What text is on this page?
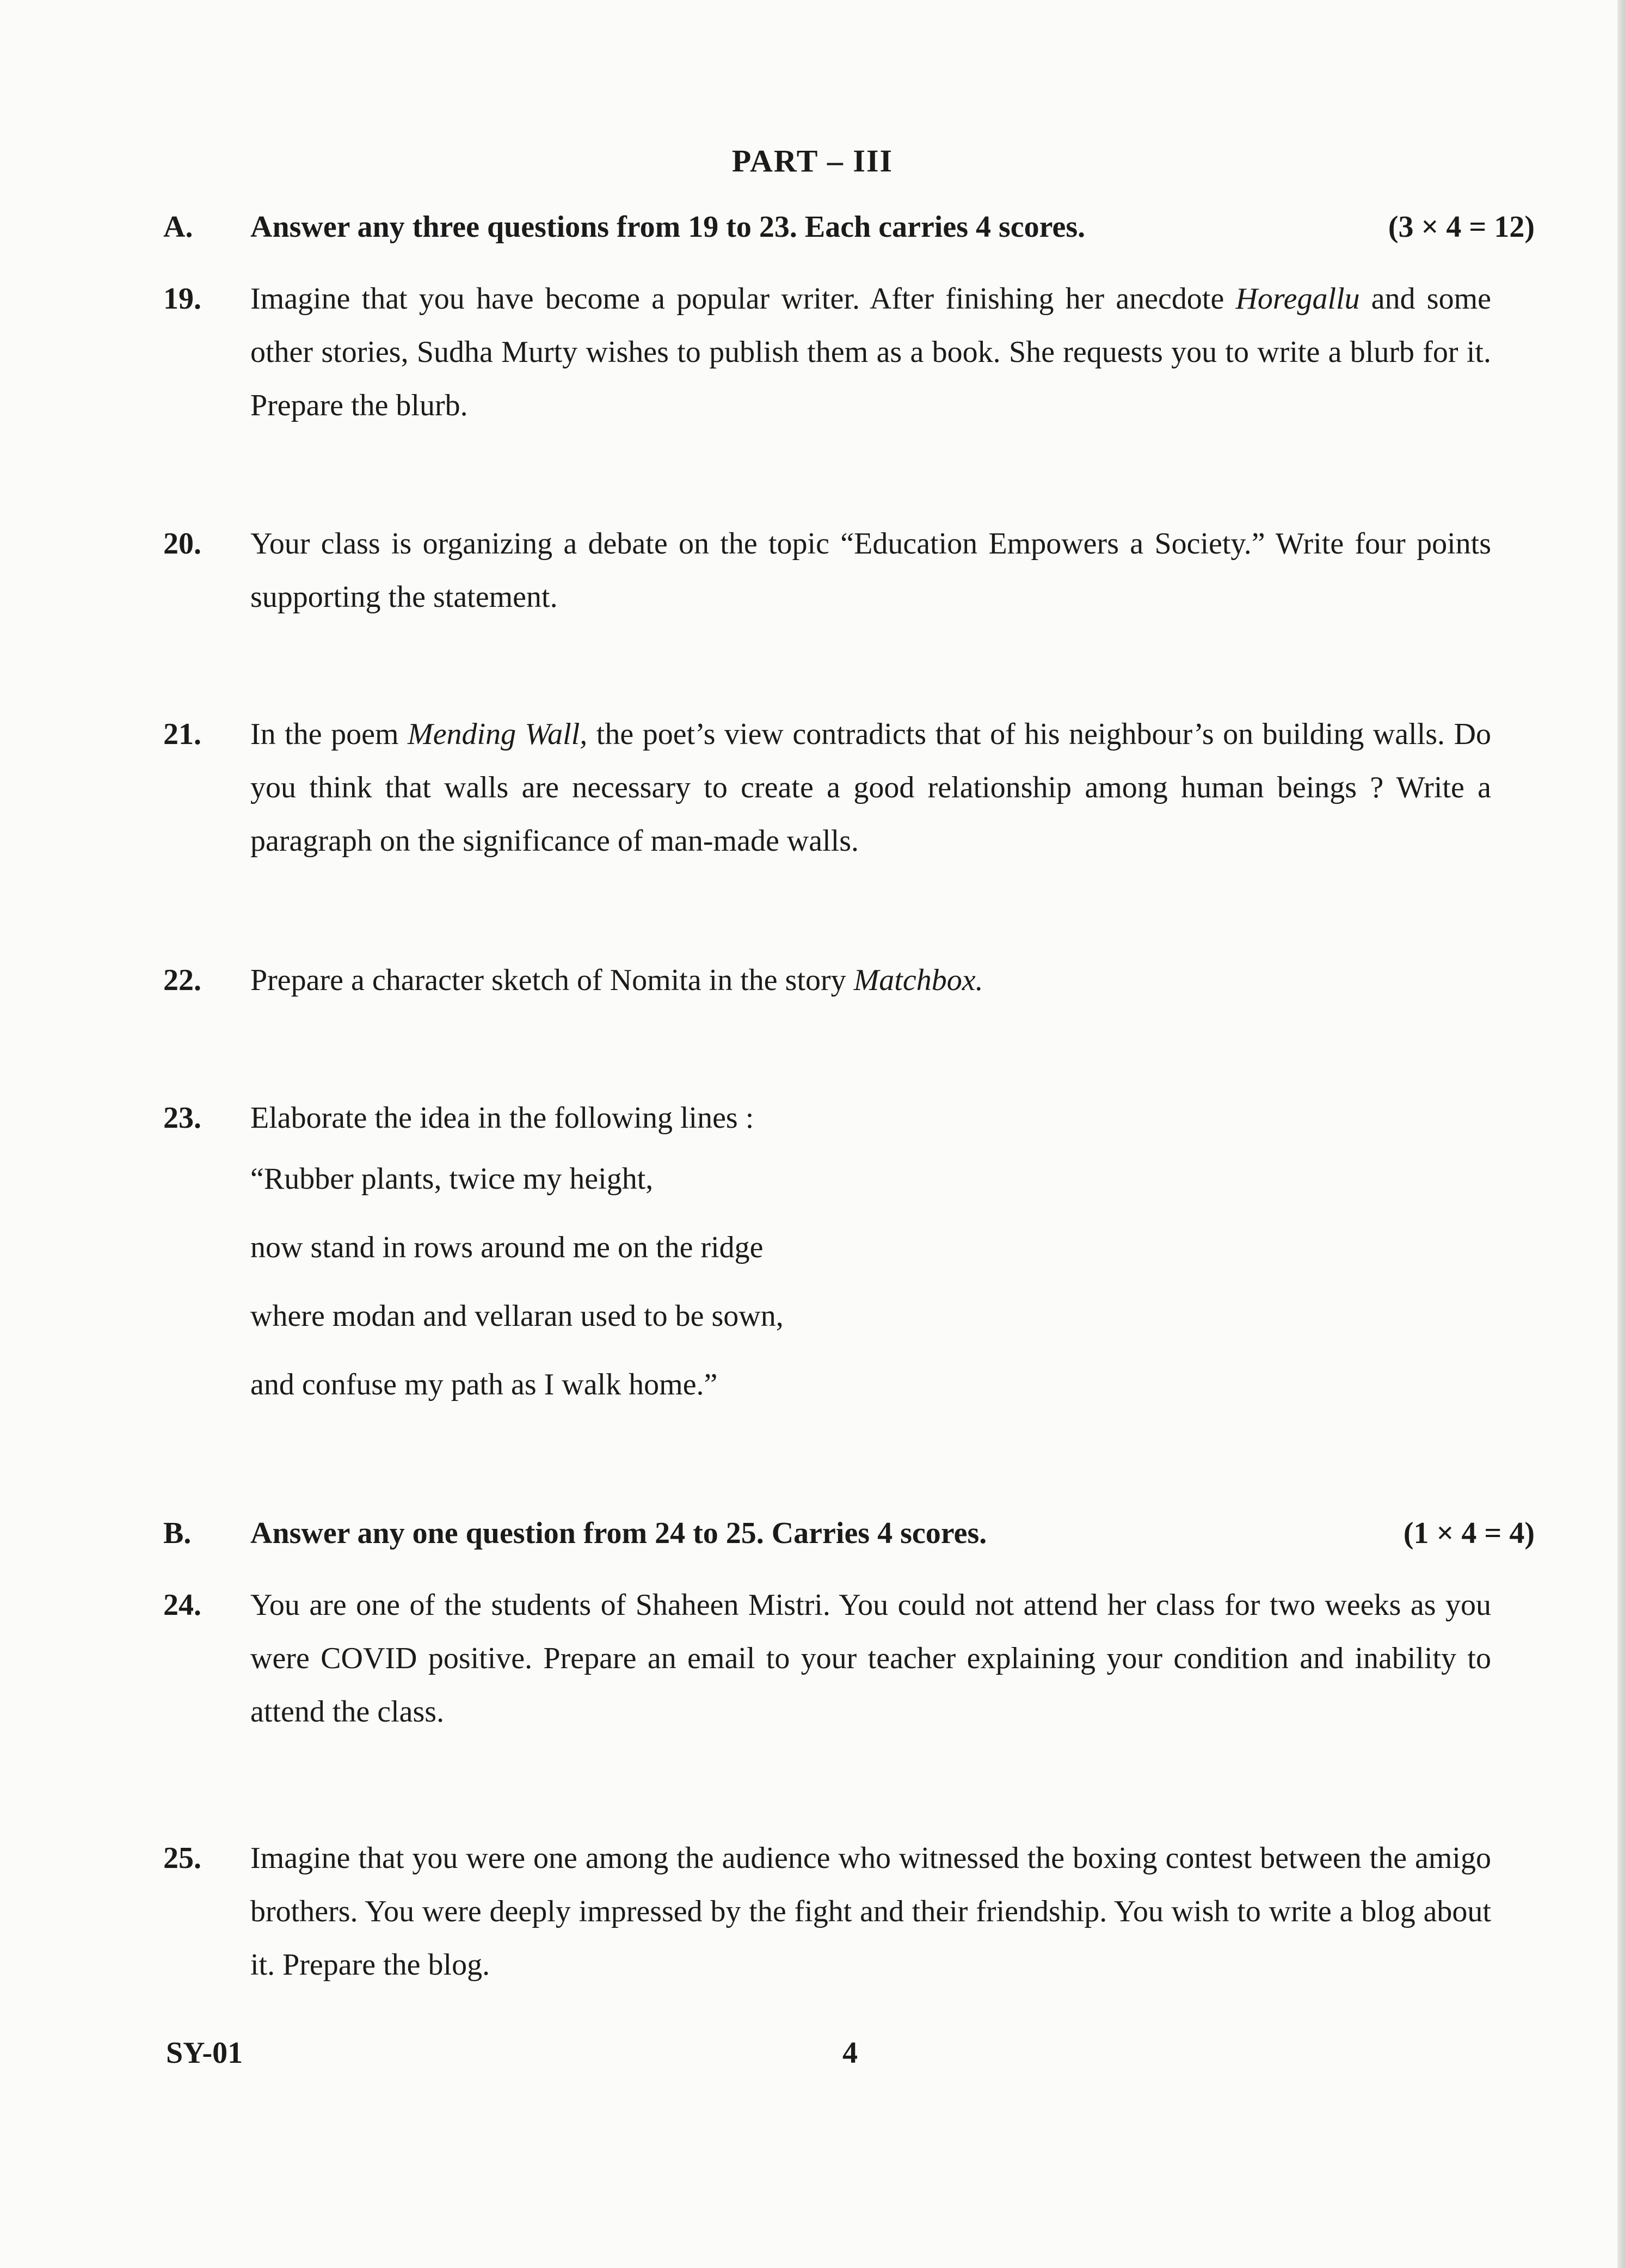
PART – III
A.	Answer any three questions from 19 to 23. Each carries 4 scores.	(3 × 4 = 12)
19.	Imagine that you have become a popular writer. After finishing her anecdote Horegallu and some other stories, Sudha Murty wishes to publish them as a book. She requests you to write a blurb for it. Prepare the blurb.
20.	Your class is organizing a debate on the topic “Education Empowers a Society.” Write four points supporting the statement.
21.	In the poem Mending Wall, the poet’s view contradicts that of his neighbour’s on building walls. Do you think that walls are necessary to create a good relationship among human beings ? Write a paragraph on the significance of man-made walls.
22.	Prepare a character sketch of Nomita in the story Matchbox.
23.	Elaborate the idea in the following lines :
“Rubber plants, twice my height,
now stand in rows around me on the ridge
where modan and vellaran used to be sown,
and confuse my path as I walk home.”
B.	Answer any one question from 24 to 25. Carries 4 scores.	(1 × 4 = 4)
24.	You are one of the students of Shaheen Mistri. You could not attend her class for two weeks as you were COVID positive. Prepare an email to your teacher explaining your condition and inability to attend the class.
25.	Imagine that you were one among the audience who witnessed the boxing contest between the amigo brothers. You were deeply impressed by the fight and their friendship. You wish to write a blog about it. Prepare the blog.
SY-01	4
